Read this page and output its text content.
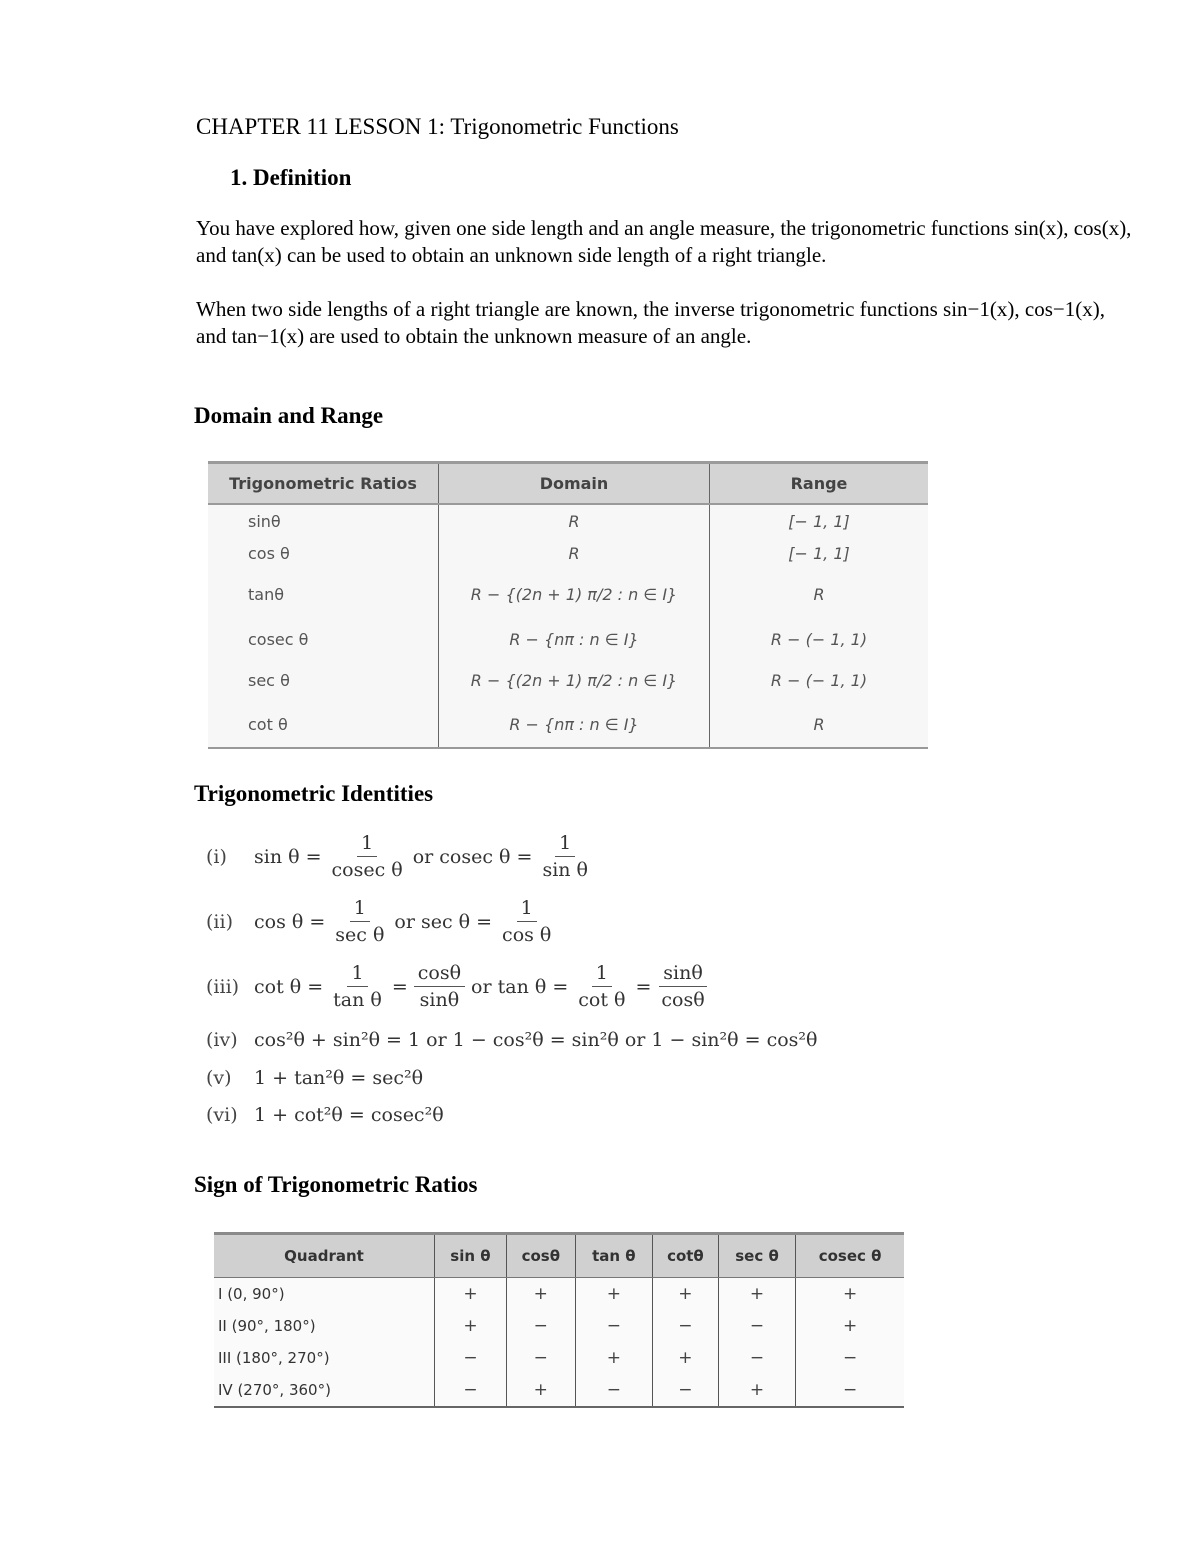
CHAPTER 11 LESSON 1: Trigonometric Functions
1. Definition
You have explored how, given one side length and an angle measure, the trigonometric functions sin(x), cos(x), and tan(x) can be used to obtain an unknown side length of a right triangle.
When two side lengths of a right triangle are known, the inverse trigonometric functions sin−1(x), cos−1(x), and tan−1(x) are used to obtain the unknown measure of an angle.
Domain and Range
Trigonometric Ratios	Domain	Range
sinθ	R	[− 1, 1]
cos θ	R	[− 1, 1]
tanθ	R − {(2n + 1) π/2 : n ∈ I}	R
cosec θ	R − {nπ : n ∈ I}	R − (− 1, 1)
sec θ	R − {(2n + 1) π/2 : n ∈ I}	R − (− 1, 1)
cot θ	R − {nπ : n ∈ I}	R
Trigonometric Identities
(i)	$\sin \theta = \frac{1}{\text{cosec θ}}$ or cosec $\theta = \frac{1}{\text{sin θ}}$
(ii)	$\cos \theta = \frac{1}{\text{sec θ}}$ or $\sec \theta = \frac{1}{\text{cos θ}}$
(iii) $\cot \theta = \frac{1}{\text{tan θ}} = \frac{\cos\theta}{\sin\theta}$ or $\tan \theta = \frac{1}{\text{cot θ}} = \frac{\sin\theta}{\cos\theta}$
(iv) cos²θ + sin²θ = 1 or 1 − cos²θ = sin²θ or 1 − sin²θ = cos²θ
(v)	1 + tan²θ = sec²θ
(vi) 1 + cot²θ = cosec²θ
Sign of Trigonometric Ratios
Quadrant	sin θ	cosθ	tan θ	cotθ	sec θ	cosec θ
I (0, 90°)	+	+	+	+	+	+
II (90°, 180°)	+	−	−	−	−	+
III (180°, 270°)	−	−	+	+	−	−
IV (270°, 360°)	−	+	−	−	+	−
